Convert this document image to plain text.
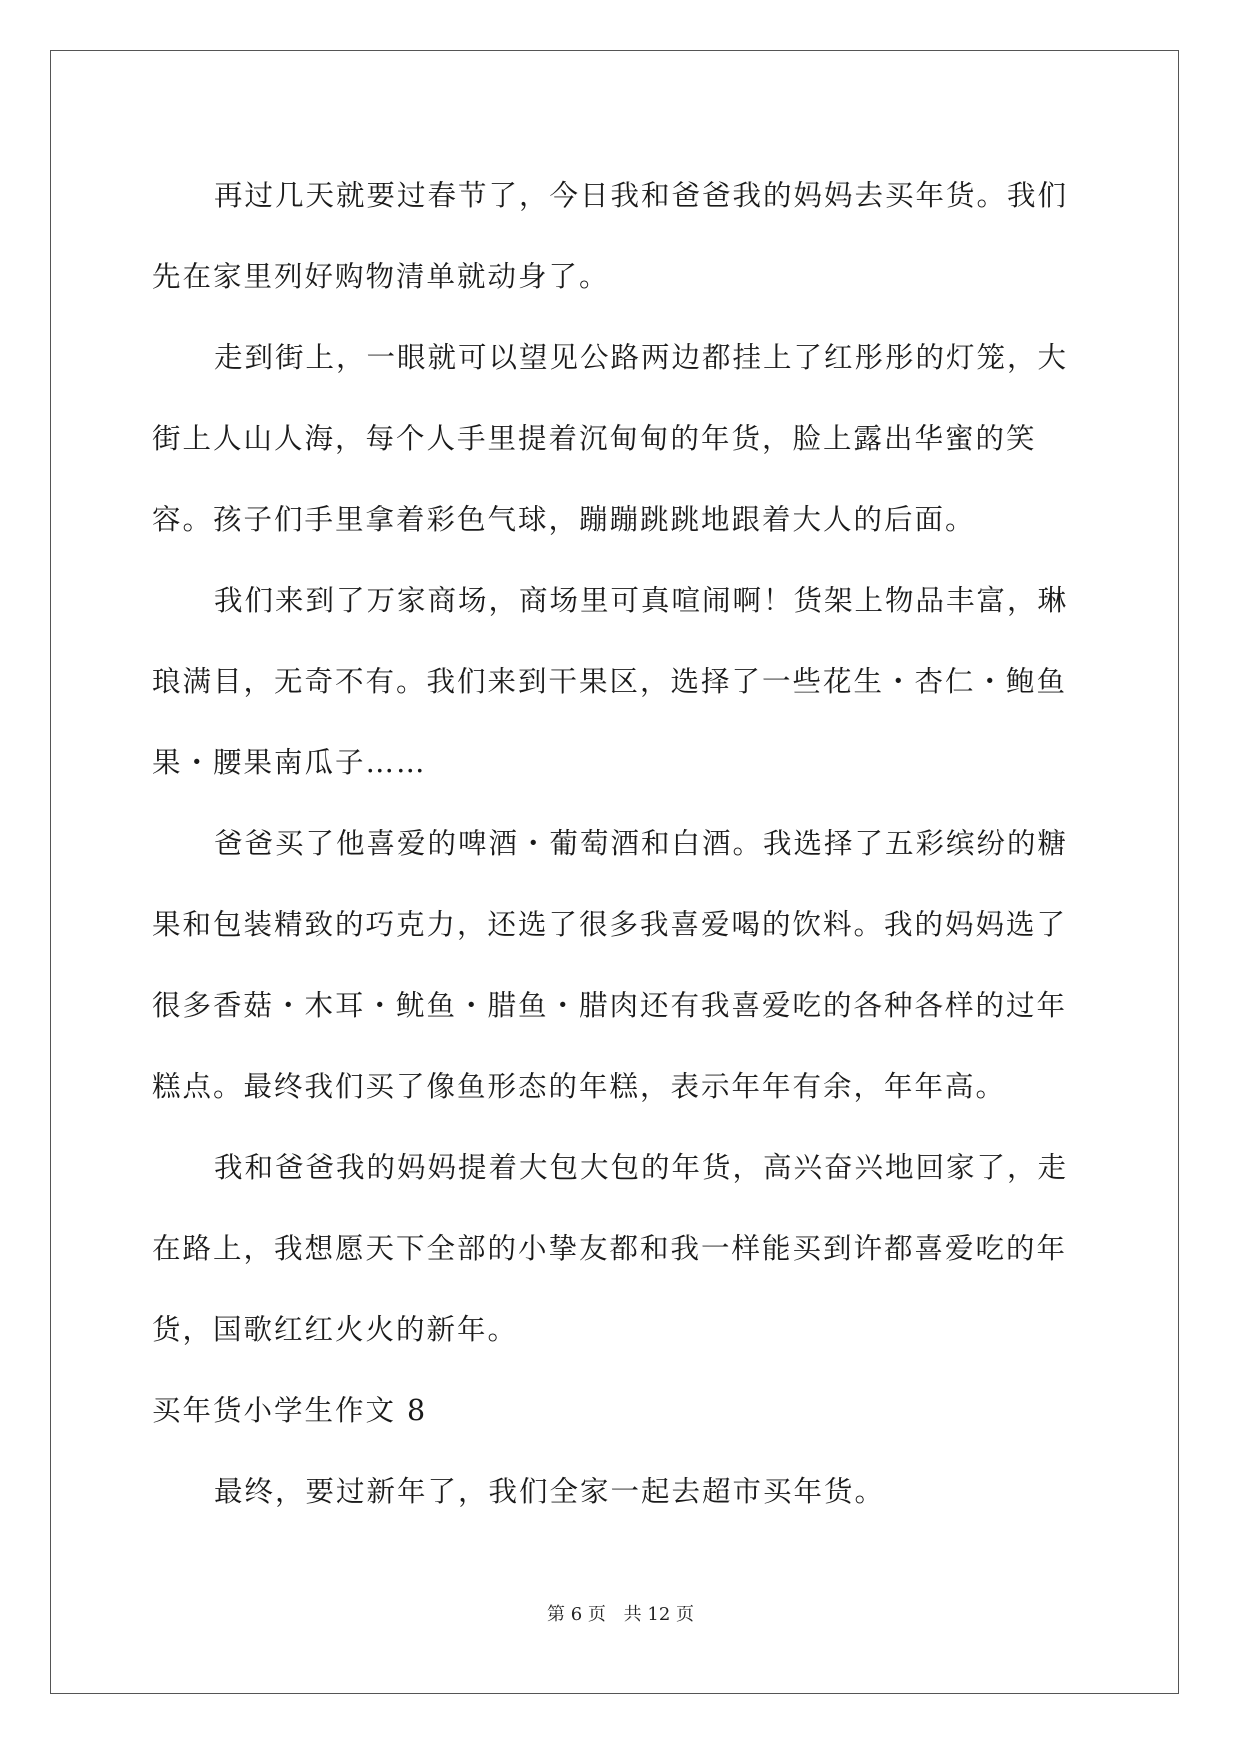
再过几天就要过春节了，今日我和爸爸我的妈妈去买年货。我们先在家里列好购物清单就动身了。

走到街上，一眼就可以望见公路两边都挂上了红彤彤的灯笼，大街上人山人海，每个人手里提着沉甸甸的年货，脸上露出华蜜的笑容。孩子们手里拿着彩色气球，蹦蹦跳跳地跟着大人的后面。

我们来到了万家商场，商场里可真喧闹啊！货架上物品丰富，琳琅满目，无奇不有。我们来到干果区，选择了一些花生・杏仁・鲍鱼果・腰果南瓜子……

爸爸买了他喜爱的啤酒・葡萄酒和白酒。我选择了五彩缤纷的糖果和包装精致的巧克力，还选了很多我喜爱喝的饮料。我的妈妈选了很多香菇・木耳・鱿鱼・腊鱼・腊肉还有我喜爱吃的各种各样的过年糕点。最终我们买了像鱼形态的年糕，表示年年有余，年年高。

我和爸爸我的妈妈提着大包大包的年货，高兴奋兴地回家了，走在路上，我想愿天下全部的小挚友都和我一样能买到许都喜爱吃的年货，国歌红红火火的新年。

买年货小学生作文 8

最终，要过新年了，我们全家一起去超市买年货。

第 6 页 共 12 页
